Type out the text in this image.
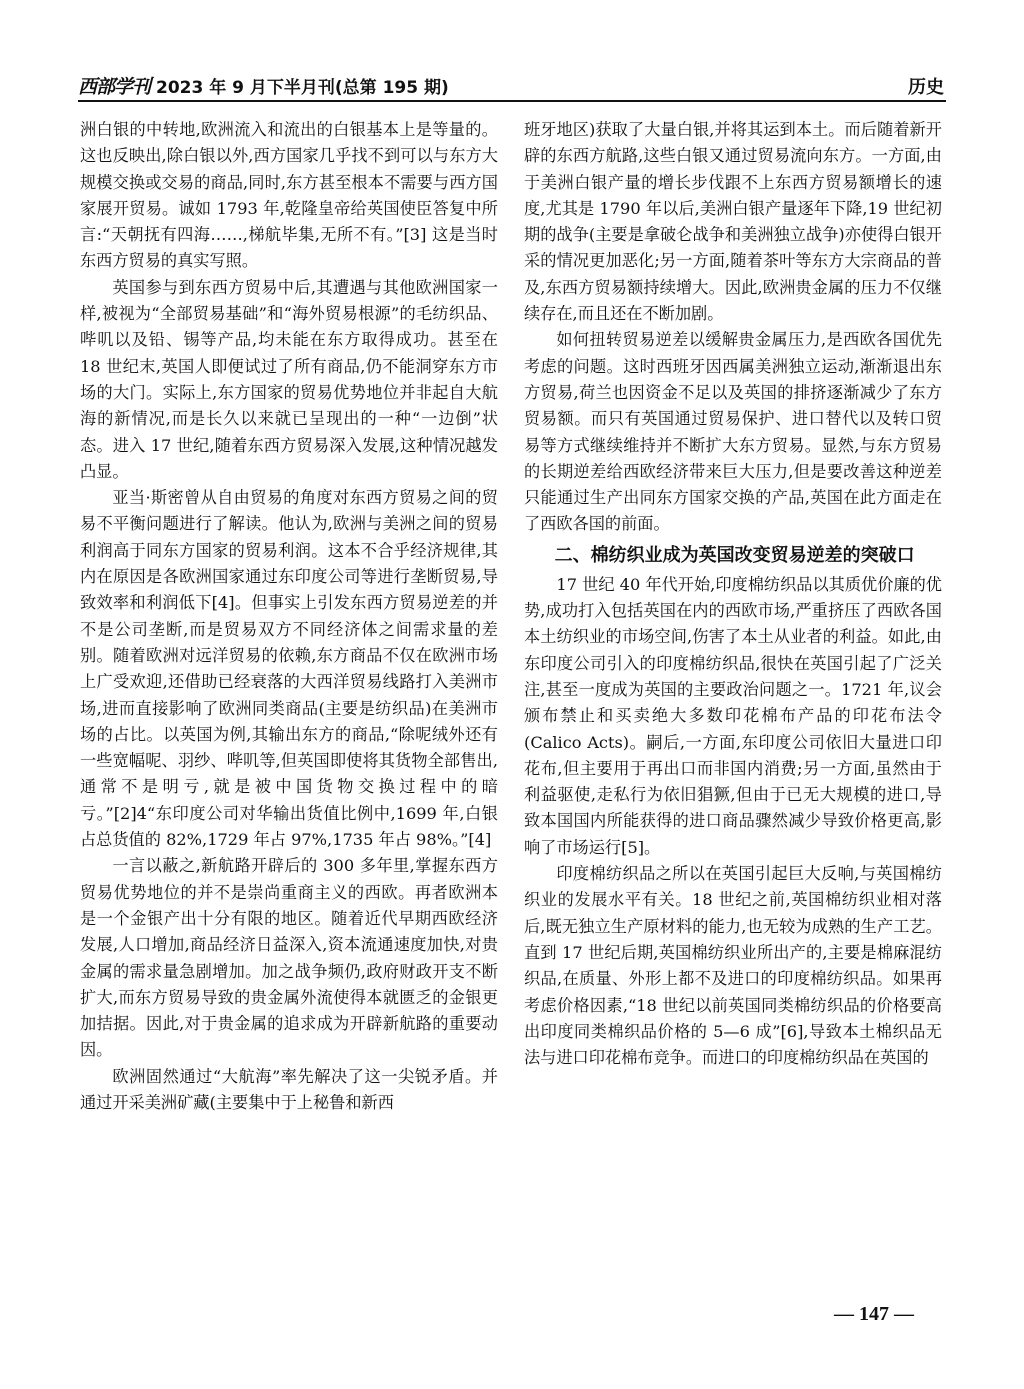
西部学刊 2023 年 9 月下半月刊(总第 195 期)	历史

洲白银的中转地,欧洲流入和流出的白银基本上是等量的。这也反映出,除白银以外,西方国家几乎找不到可以与东方大规模交换或交易的商品,同时,东方甚至根本不需要与西方国家展开贸易。诚如 1793 年,乾隆皇帝给英国使臣答复中所言:“天朝抚有四海……,梯航毕集,无所不有。”[3] 这是当时东西方贸易的真实写照。

英国参与到东西方贸易中后,其遭遇与其他欧洲国家一样,被视为“全部贸易基础”和“海外贸易根源”的毛纺织品、哔叽以及铅、锡等产品,均未能在东方取得成功。甚至在 18 世纪末,英国人即便试过了所有商品,仍不能洞穿东方市场的大门。实际上,东方国家的贸易优势地位并非起自大航海的新情况,而是长久以来就已呈现出的一种“一边倒”状态。进入 17 世纪,随着东西方贸易深入发展,这种情况越发凸显。

亚当·斯密曾从自由贸易的角度对东西方贸易之间的贸易不平衡问题进行了解读。他认为,欧洲与美洲之间的贸易利润高于同东方国家的贸易利润。这本不合乎经济规律,其内在原因是各欧洲国家通过东印度公司等进行垄断贸易,导致效率和利润低下[4]。但事实上引发东西方贸易逆差的并不是公司垄断,而是贸易双方不同经济体之间需求量的差别。随着欧洲对远洋贸易的依赖,东方商品不仅在欧洲市场上广受欢迎,还借助已经衰落的大西洋贸易线路打入美洲市场,进而直接影响了欧洲同类商品(主要是纺织品)在美洲市场的占比。以英国为例,其输出东方的商品,“除呢绒外还有一些宽幅呢、羽纱、哔叽等,但英国即使将其货物全部售出,通常不是明亏,就是被中国货物交换过程中的暗亏。”[2]4“东印度公司对华输出货值比例中,1699 年,白银占总货值的 82%,1729 年占 97%,1735 年占 98%。”[4]

一言以蔽之,新航路开辟后的 300 多年里,掌握东西方贸易优势地位的并不是崇尚重商主义的西欧。再者欧洲本是一个金银产出十分有限的地区。随着近代早期西欧经济发展,人口增加,商品经济日益深入,资本流通速度加快,对贵金属的需求量急剧增加。加之战争频仍,政府财政开支不断扩大,而东方贸易导致的贵金属外流使得本就匮乏的金银更加拮据。因此,对于贵金属的追求成为开辟新航路的重要动因。

欧洲固然通过“大航海”率先解决了这一尖锐矛盾。并通过开采美洲矿藏(主要集中于上秘鲁和新西

班牙地区)获取了大量白银,并将其运到本土。而后随着新开辟的东西方航路,这些白银又通过贸易流向东方。一方面,由于美洲白银产量的增长步伐跟不上东西方贸易额增长的速度,尤其是 1790 年以后,美洲白银产量逐年下降,19 世纪初期的战争(主要是拿破仑战争和美洲独立战争)亦使得白银开采的情况更加恶化;另一方面,随着茶叶等东方大宗商品的普及,东西方贸易额持续增大。因此,欧洲贵金属的压力不仅继续存在,而且还在不断加剧。

如何扭转贸易逆差以缓解贵金属压力,是西欧各国优先考虑的问题。这时西班牙因西属美洲独立运动,渐渐退出东方贸易,荷兰也因资金不足以及英国的排挤逐渐减少了东方贸易额。而只有英国通过贸易保护、进口替代以及转口贸易等方式继续维持并不断扩大东方贸易。显然,与东方贸易的长期逆差给西欧经济带来巨大压力,但是要改善这种逆差只能通过生产出同东方国家交换的产品,英国在此方面走在了西欧各国的前面。

二、棉纺织业成为英国改变贸易逆差的突破口

17 世纪 40 年代开始,印度棉纺织品以其质优价廉的优势,成功打入包括英国在内的西欧市场,严重挤压了西欧各国本土纺织业的市场空间,伤害了本土从业者的利益。如此,由东印度公司引入的印度棉纺织品,很快在英国引起了广泛关注,甚至一度成为英国的主要政治问题之一。1721 年,议会颁布禁止和买卖绝大多数印花棉布产品的印花布法令(Calico Acts)。嗣后,一方面,东印度公司依旧大量进口印花布,但主要用于再出口而非国内消费;另一方面,虽然由于利益驱使,走私行为依旧猖獗,但由于已无大规模的进口,导致本国国内所能获得的进口商品骤然减少导致价格更高,影响了市场运行[5]。

印度棉纺织品之所以在英国引起巨大反响,与英国棉纺织业的发展水平有关。18 世纪之前,英国棉纺织业相对落后,既无独立生产原材料的能力,也无较为成熟的生产工艺。直到 17 世纪后期,英国棉纺织业所出产的,主要是棉麻混纺织品,在质量、外形上都不及进口的印度棉纺织品。如果再考虑价格因素,“18 世纪以前英国同类棉纺织品的价格要高出印度同类棉织品价格的 5—6 成”[6],导致本土棉织品无法与进口印花棉布竞争。而进口的印度棉纺织品在英国的

— 147 —
